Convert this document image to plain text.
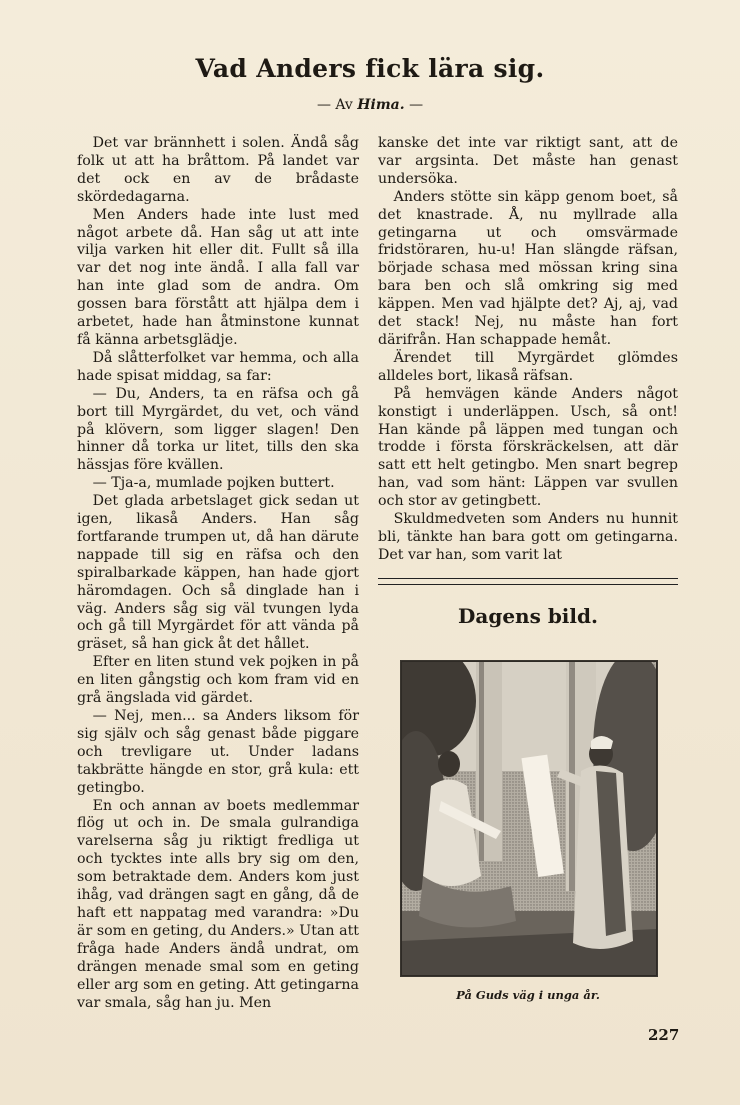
Vad Anders fick lära sig.
— Av Hima. —

Det var brännhett i solen. Ändå såg folk ut att ha bråttom. På landet var det ock en av de brådaste skördedagarna.

Men Anders hade inte lust med något arbete då. Han såg ut att inte vilja varken hit eller dit. Fullt så illa var det nog inte ändå. I alla fall var han inte glad som de andra. Om gossen bara förstått att hjälpa dem i arbetet, hade han åtminstone kunnat få känna arbetsglädje.

Då slåtterfolket var hemma, och alla hade spisat middag, sa far:

— Du, Anders, ta en räfsa och gå bort till Myrgärdet, du vet, och vänd på klövern, som ligger slagen! Den hinner då torka ur litet, tills den ska hässjas före kvällen.

— Tja-a, mumlade pojken buttert.

Det glada arbetslaget gick sedan ut igen, likaså Anders. Han såg fortfarande trumpen ut, då han därute nappade till sig en räfsa och den spiralbarkade käppen, han hade gjort häromdagen. Och så dinglade han i väg. Anders såg sig väl tvungen lyda och gå till Myrgärdet för att vända på gräset, så han gick åt det hållet.

Efter en liten stund vek pojken in på en liten gångstig och kom fram vid en grå ängslada vid gärdet.

— Nej, men... sa Anders liksom för sig själv och såg genast både piggare och trevligare ut. Under ladans takbrätte hängde en stor, grå kula: ett getingbo.

En och annan av boets medlemmar flög ut och in. De smala gulrandiga varelserna såg ju riktigt fredliga ut och tycktes inte alls bry sig om den, som betraktade dem. Anders kom just ihåg, vad drängen sagt en gång, då de haft ett nappatag med varandra: »Du är som en geting, du Anders.» Utan att fråga hade Anders ändå undrat, om drängen menade smal som en geting eller arg som en geting. Att getingarna var smala, såg han ju. Men

kanske det inte var riktigt sant, att de var argsinta. Det måste han genast undersöka.

Anders stötte sin käpp genom boet, så det knastrade. Å, nu myllrade alla getingarna ut och omsvärmade fridstöraren, hu-u! Han slängde räfsan, började schasa med mössan kring sina bara ben och slå omkring sig med käppen. Men vad hjälpte det? Aj, aj, vad det stack! Nej, nu måste han fort därifrån. Han schappade hemåt.

Ärendet till Myrgärdet glömdes alldeles bort, likaså räfsan.

På hemvägen kände Anders något konstigt i underläppen. Usch, så ont! Han kände på läppen med tungan och trodde i första förskräckelsen, att där satt ett helt getingbo. Men snart begrep han, vad som hänt: Läppen var svullen och stor av getingbett.

Skuldmedveten som Anders nu hunnit bli, tänkte han bara gott om getingarna. Det var han, som varit lat

Dagens bild.
På Guds väg i unga år.
227
